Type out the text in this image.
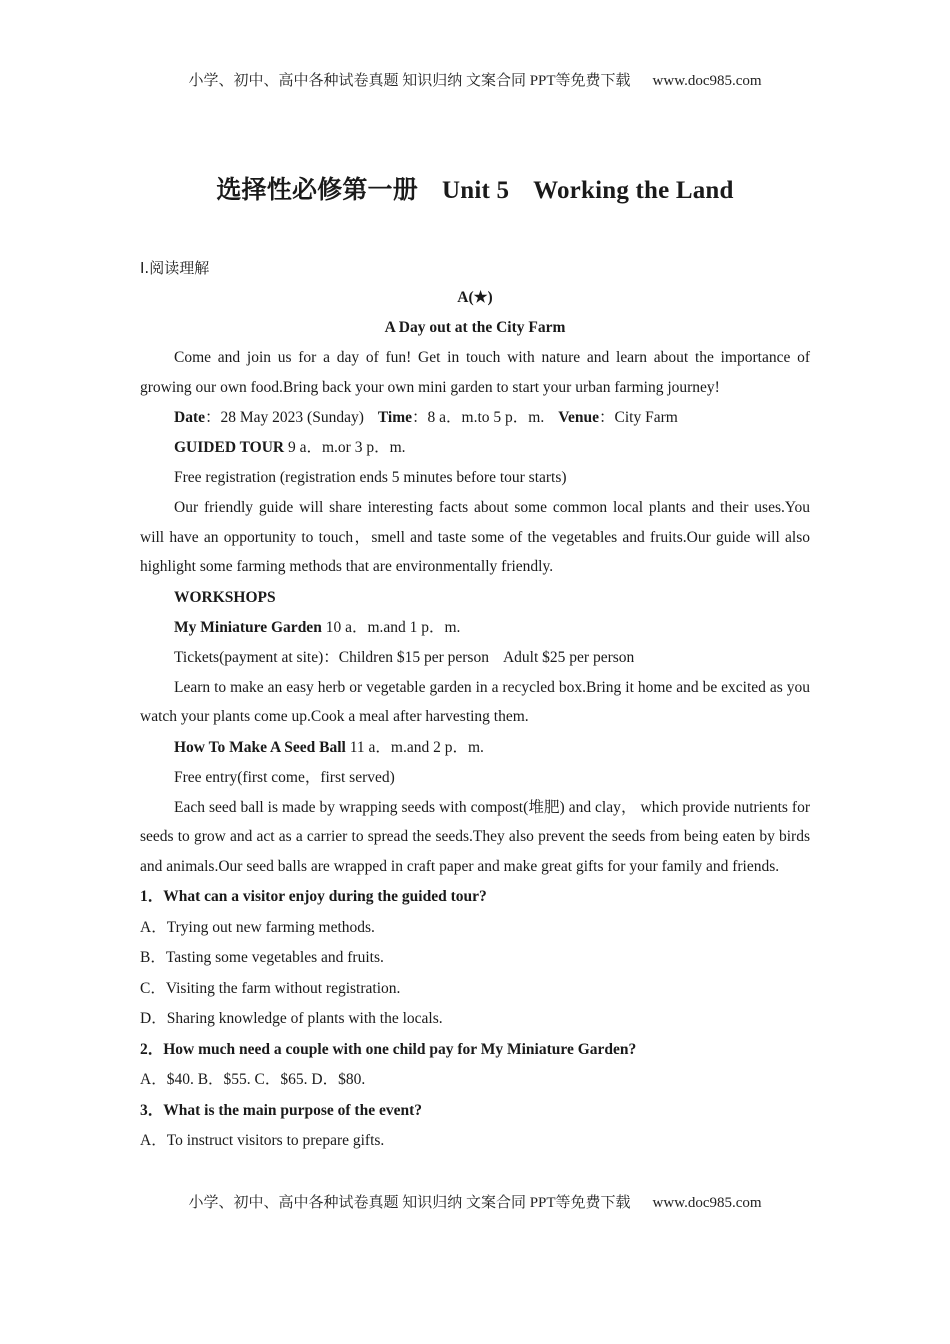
小学、初中、高中各种试卷真题 知识归纳 文案合同 PPT等免费下载 www.doc985.com
选择性必修第一册 Unit 5 Working the Land
Ⅰ.阅读理解
A(★)
A Day out at the City Farm

Come and join us for a day of fun! Get in touch with nature and learn about the importance of growing our own food.Bring back your own mini garden to start your urban farming journey!

Date：28 May 2023 (Sunday) Time：8 a．m.to 5 p．m. Venue：City Farm
GUIDED TOUR 9 a．m.or 3 p．m.
Free registration (registration ends 5 minutes before tour starts)

Our friendly guide will share interesting facts about some common local plants and their uses.You will have an opportunity to touch，smell and taste some of the vegetables and fruits.Our guide will also highlight some farming methods that are environmentally friendly.

WORKSHOPS
My Miniature Garden 10 a．m.and 1 p．m.
Tickets(payment at site)：Children $15 per person Adult $25 per person

Learn to make an easy herb or vegetable garden in a recycled box.Bring it home and be excited as you watch your plants come up.Cook a meal after harvesting them.

How To Make A Seed Ball 11 a．m.and 2 p．m.
Free entry(first come，first served)

Each seed ball is made by wrapping seeds with compost(堆肥) and clay， which provide nutrients for seeds to grow and act as a carrier to spread the seeds.They also prevent the seeds from being eaten by birds and animals.Our seed balls are wrapped in craft paper and make great gifts for your family and friends.

1．What can a visitor enjoy during the guided tour?
A．Trying out new farming methods.
B．Tasting some vegetables and fruits.
C．Visiting the farm without registration.
D．Sharing knowledge of plants with the locals.
2．How much need a couple with one child pay for My Miniature Garden?
A．$40. B．$55. C．$65. D．$80.
3．What is the main purpose of the event?
A．To instruct visitors to prepare gifts.
小学、初中、高中各种试卷真题 知识归纳 文案合同 PPT等免费下载 www.doc985.com
